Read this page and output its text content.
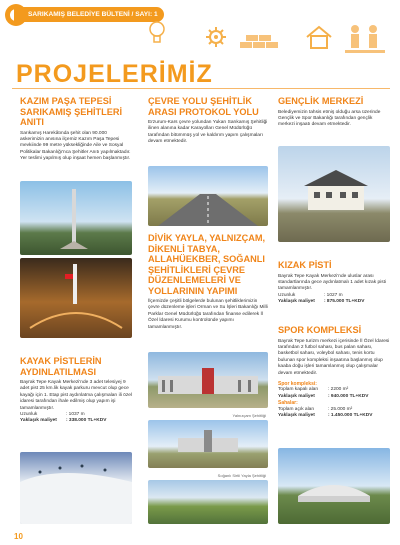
SARIKAMIŞ BELEDİYE BÜLTENİ / SAYI: 1
PROJELERİMİZ
KAZIM PAŞA TEPESİ SARIKAMIŞ ŞEHİTLERİ ANITI

Sarıkamış Harekâtında şehit olan 90.000 askerimizin anısına ilçemiz Kazım Paşa Tepesi mevkiinde 99 metre yüksekliğinde Aile ve Sosyal Politikalar Bakanlığı'nca Şehitler Anıtı yapılmaktadır. Yer teslimi yapılmış olup inşaat hemen başlanmıştır.

KAYAK PİSTLERİN AYDINLATILMASI

Bayrak Tepe Kayak Merkezi'nde 3 adet telesiyej 9 adet pist 25 km.lik kayak parkuru mevcut olup gece kayağı için 1. Etap pist aydınlatma çalışmaları ili özel idaresi tarafından ihale edilmiş olup yapım işi tamamlanmıştır.

Uzunluk	: 1037 m
Yaklaşık maliyet : 338.000 TL+KDV
ÇEVRE YOLU ŞEHİTLİK ARASI PROTOKOL YOLU

Erzurum-Kars çevre yolundan Yukarı Sarıkamış Şehitliği ilinen alanına kadar Karayolları Genel Müdürlüğü tarafından bitümmüş yol ve kaldırım yapım çalışmaları devam etmektedir.

DİVİK YAYLA, YALNIZÇAM, DİKENLİ TABYA, ALLAHÜEKBER, SOĞANLI ŞEHİTLİKLERİ ÇEVRE DÜZENLEMELERİ VE YOLLARININ YAPIMI

İlçemizde çeşitli bölgelerde bulunan şehitliklerimizin çevre düzenleme işleri Orman ve Su İşleri Bakanlığı Milli Parklar Genel Müdürlüğü tarafından finanse edilerek İl Özel İdaresi Kurumu kontrolünde yapımı tamamlanmıştır.

Yalnızçam Şehitliği
Soğanlı Sirtli Yayla Şehitliği
GENÇLİK MERKEZİ

Belediyemizin tahsis etmiş olduğu arsa üzerinde Gençlik ve Spor Bakanlığı tarafından gençlik merkezi inşaatı devam etmektedir.

KIZAK PİSTİ

Bayrak Tepe Kayak Merkezi'nde uluslar arası standartlarında gece aydınlatmalı 1 adet kızak pisti tamamlanmıştır.

Uzunluk	: 1027 m
Yaklaşık maliyet : 875.000 TL+KDV
SPOR KOMPLEKSİ

Bayrak Tepe turizm merkezi içerisinde İl Özel İdaresi tarafından 2 futbol sahası, bus palan sahası, basketbol sahası, voleybol sahası, tenis kortu bulunan spor kompleksi inşaatına başlanmış olup kaaba doğu işleri tamamlanmış olup çalışmalar devam etmektedir.

Spor kompleksi:
Toplam kapalı alan : 2200 m²
Yaklaşık maliyet	: 940.000 TL+KDV
Sahalar:
Toplam açık alan	: 25.000 m²
Yaklaşık maliyet	: 1.450.000 TL+KDV
10
